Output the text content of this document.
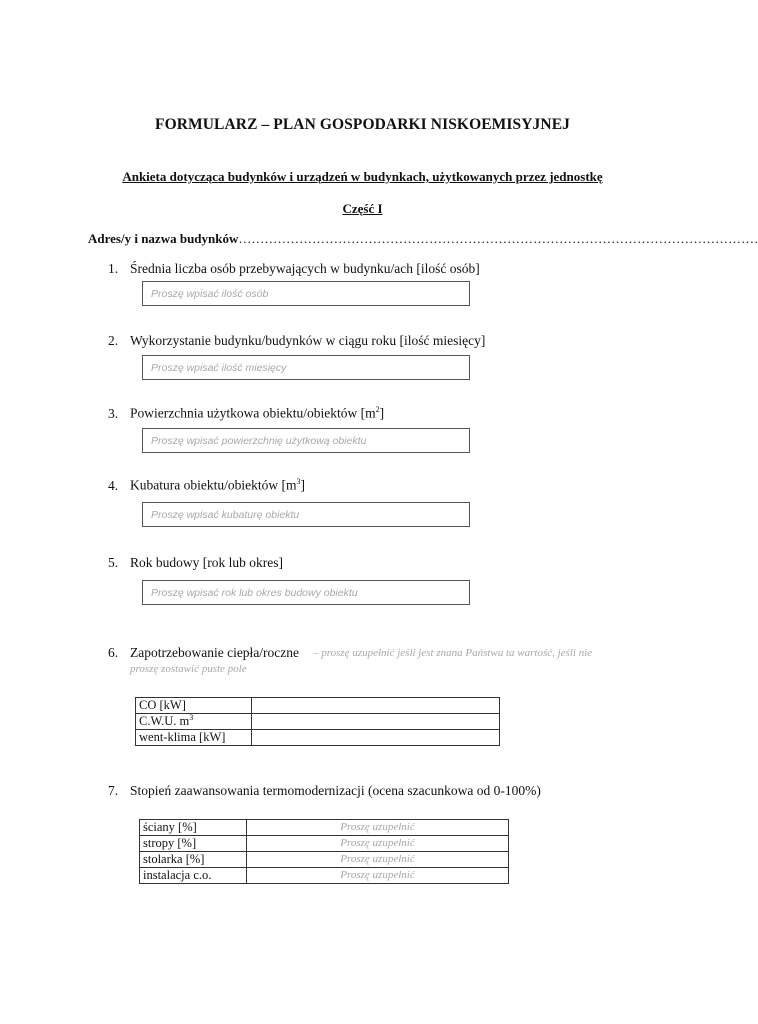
FORMULARZ – PLAN GOSPODARKI NISKOEMISYJNEJ
Ankieta dotycząca budynków i urządzeń w budynkach, użytkowanych przez jednostkę
Część I
Adres/y i nazwa budynków…………………………………………………………………………………………………………
1. Średnia liczba osób przebywających w budynku/ach [ilość osób]
Proszę wpisać ilość osób
2. Wykorzystanie budynku/budynków w ciągu roku [ilość miesięcy]
Proszę wpisać ilość miesięcy
3. Powierzchnia użytkowa obiektu/obiektów $[m^2]$
Proszę wpisać powierzchnię użytkową obiektu
4. Kubatura obiektu/obiektów $[m^3]$
Proszę wpisać kubaturę obiektu
5. Rok budowy [rok lub okres]
Proszę wpisać rok lub okres budowy obiektu
6. Zapotrzebowanie ciepła/roczne – proszę uzupełnić jeśli jest znana Państwu ta wartość, jeśli nie
proszę zostawić puste pole
CO [kW]	
C.W.U. $m^3$	
went-klima [kW]	
7. Stopień zaawansowania termomodernizacji (ocena szacunkowa od 0-100%)
ściany [%]	Proszę uzupełnić
stropy [%]	Proszę uzupełnić
stolarka [%]	Proszę uzupełnić
instalacja c.o.	Proszę uzupełnić
